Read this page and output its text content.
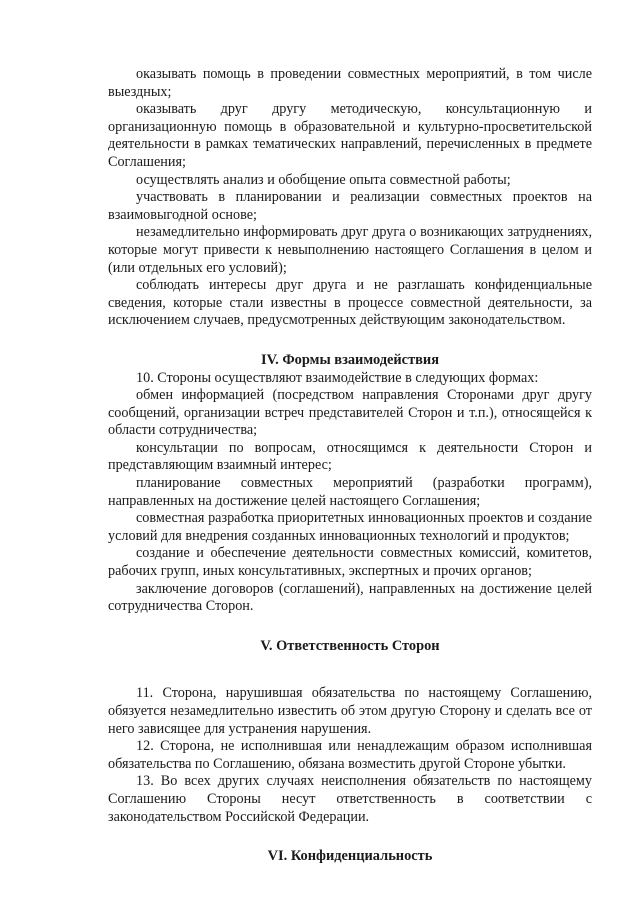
оказывать помощь в проведении совместных мероприятий, в том числе выездных;

оказывать друг другу методическую, консультационную и организационную помощь в образовательной и культурно-просветительской деятельности в рамках тематических направлений, перечисленных в предмете Соглашения;

осуществлять анализ и обобщение опыта совместной работы;

участвовать в планировании и реализации совместных проектов на взаимовыгодной основе;

незамедлительно информировать друг друга о возникающих затруднениях, которые могут привести к невыполнению настоящего Соглашения в целом и (или отдельных его условий);

соблюдать интересы друг друга и не разглашать конфиденциальные сведения, которые стали известны в процессе совместной деятельности, за исключением случаев, предусмотренных действующим законодательством.

IV. Формы взаимодействия

10. Стороны осуществляют взаимодействие в следующих формах:

обмен информацией (посредством направления Сторонами друг другу сообщений, организации встреч представителей Сторон и т.п.), относящейся к области сотрудничества;

консультации по вопросам, относящимся к деятельности Сторон и представляющим взаимный интерес;

планирование совместных мероприятий (разработки программ), направленных на достижение целей настоящего Соглашения;

совместная разработка приоритетных инновационных проектов и создание условий для внедрения созданных инновационных технологий и продуктов;

создание и обеспечение деятельности совместных комиссий, комитетов, рабочих групп, иных консультативных, экспертных и прочих органов;

заключение договоров (соглашений), направленных на достижение целей сотрудничества Сторон.

V. Ответственность Сторон

11. Сторона, нарушившая обязательства по настоящему Соглашению, обязуется незамедлительно известить об этом другую Сторону и сделать все от него зависящее для устранения нарушения.

12. Сторона, не исполнившая или ненадлежащим образом исполнившая обязательства по Соглашению, обязана возместить другой Стороне убытки.

13. Во всех других случаях неисполнения обязательств по настоящему Соглашению Стороны несут ответственность в соответствии с законодательством Российской Федерации.

VI. Конфиденциальность
